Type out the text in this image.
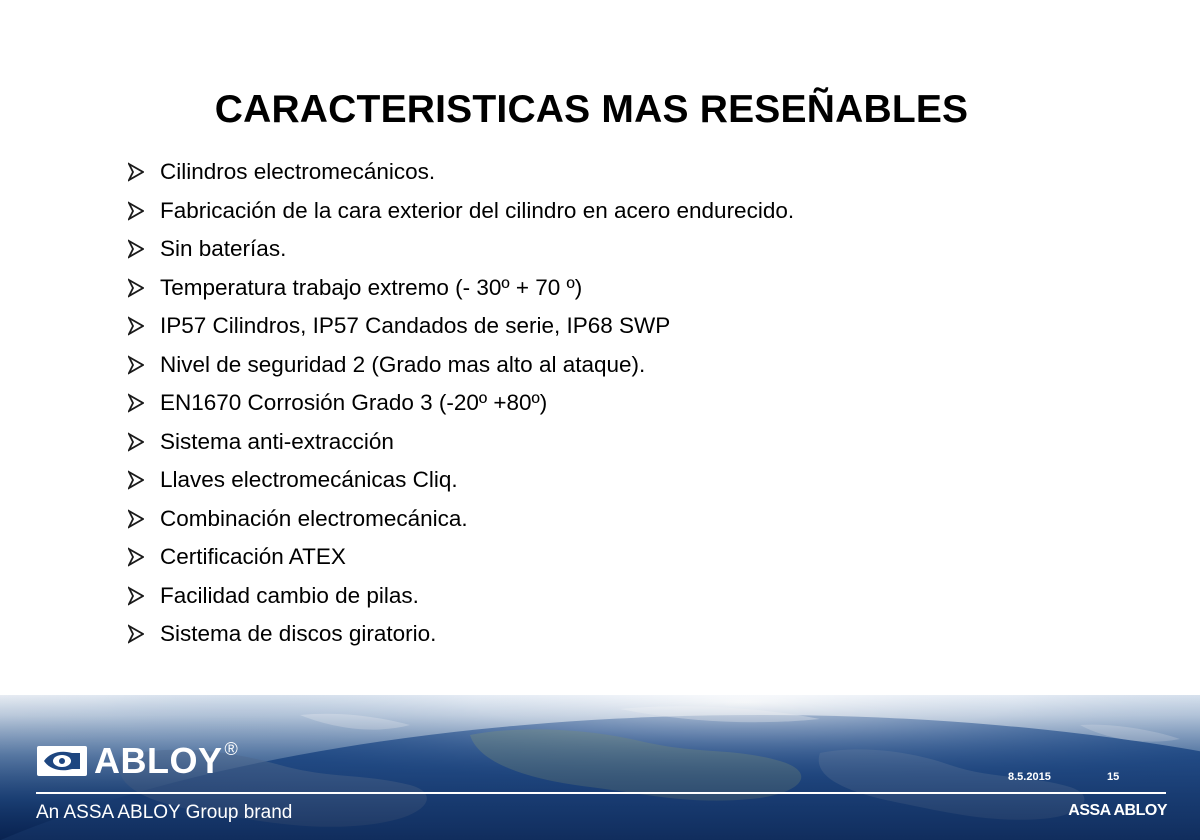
CARACTERISTICAS MAS RESEÑABLES
Cilindros electromecánicos.
Fabricación de la cara exterior del cilindro en acero endurecido.
Sin baterías.
Temperatura trabajo extremo (- 30º + 70 º)
IP57 Cilindros, IP57 Candados de serie, IP68 SWP
Nivel de seguridad 2 (Grado mas alto al ataque).
EN1670 Corrosión Grado 3 (-20º +80º)
Sistema anti-extracción
Llaves electromecánicas Cliq.
Combinación electromecánica.
Certificación ATEX
Facilidad cambio de pilas.
Sistema de discos giratorio.
ABLOY ®
8.5.2015	15
An ASSA ABLOY Group brand	ASSA ABLOY
